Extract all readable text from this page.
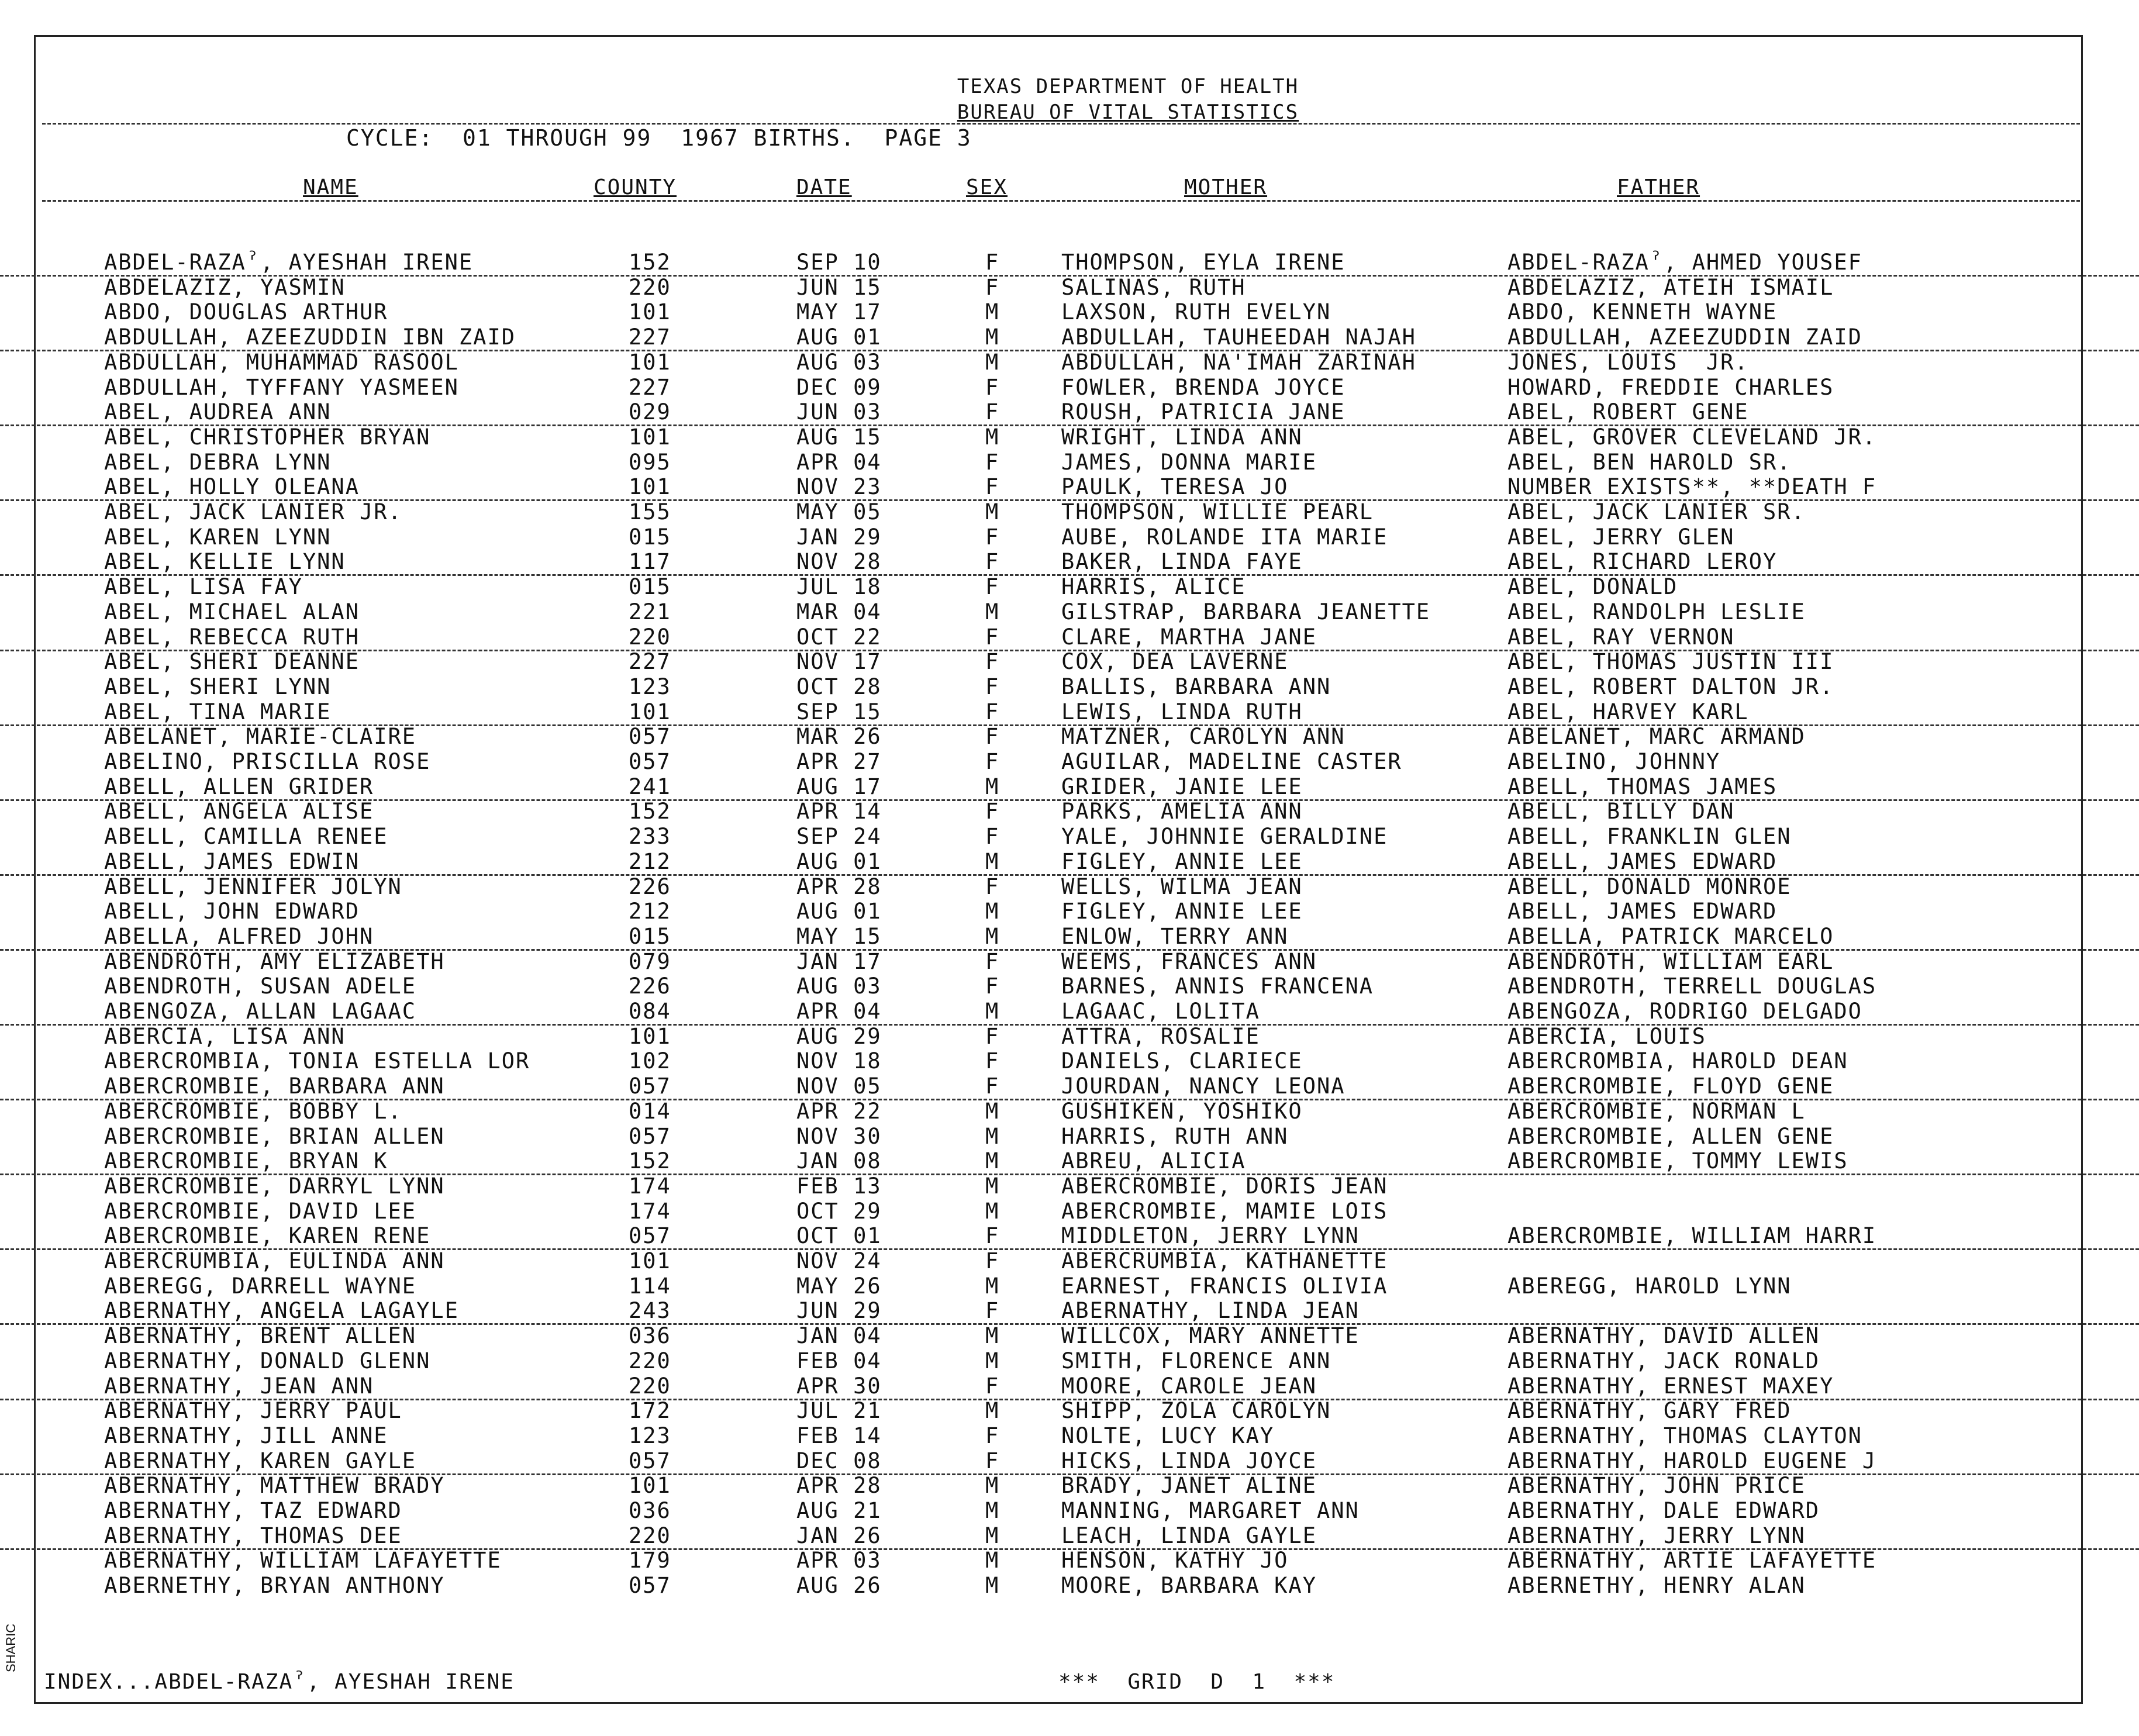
TEXAS DEPARTMENT OF HEALTH
BUREAU OF VITAL STATISTICS
CYCLE:  01 THROUGH 99  1967 BIRTHS.  PAGE 3
NAME	COUNTY	DATE	SEX	MOTHER	FATHER
ABDEL-RAZAˀ, AYESHAH IRENE	152	SEP 10	F	THOMPSON, EYLA IRENE	ABDEL-RAZAˀ, AHMED YOUSEF
ABDELAZIZ, YASMIN	220	JUN 15	F	SALINAS, RUTH	ABDELAZIZ, ATEIH ISMAIL
ABDO, DOUGLAS ARTHUR	101	MAY 17	M	LAXSON, RUTH EVELYN	ABDO, KENNETH WAYNE
ABDULLAH, AZEEZUDDIN IBN ZAID	227	AUG 01	M	ABDULLAH, TAUHEEDAH NAJAH	ABDULLAH, AZEEZUDDIN ZAID
ABDULLAH, MUHAMMAD RASOOL	101	AUG 03	M	ABDULLAH, NA'IMAH ZARINAH	JONES, LOUIS  JR.
ABDULLAH, TYFFANY YASMEEN	227	DEC 09	F	FOWLER, BRENDA JOYCE	HOWARD, FREDDIE CHARLES
ABEL, AUDREA ANN	029	JUN 03	F	ROUSH, PATRICIA JANE	ABEL, ROBERT GENE
ABEL, CHRISTOPHER BRYAN	101	AUG 15	M	WRIGHT, LINDA ANN	ABEL, GROVER CLEVELAND JR.
ABEL, DEBRA LYNN	095	APR 04	F	JAMES, DONNA MARIE	ABEL, BEN HAROLD SR.
ABEL, HOLLY OLEANA	101	NOV 23	F	PAULK, TERESA JO	NUMBER EXISTS**, **DEATH F
ABEL, JACK LANIER JR.	155	MAY 05	M	THOMPSON, WILLIE PEARL	ABEL, JACK LANIER SR.
ABEL, KAREN LYNN	015	JAN 29	F	AUBE, ROLANDE ITA MARIE	ABEL, JERRY GLEN
ABEL, KELLIE LYNN	117	NOV 28	F	BAKER, LINDA FAYE	ABEL, RICHARD LEROY
ABEL, LISA FAY	015	JUL 18	F	HARRIS, ALICE	ABEL, DONALD
ABEL, MICHAEL ALAN	221	MAR 04	M	GILSTRAP, BARBARA JEANETTE	ABEL, RANDOLPH LESLIE
ABEL, REBECCA RUTH	220	OCT 22	F	CLARE, MARTHA JANE	ABEL, RAY VERNON
ABEL, SHERI DEANNE	227	NOV 17	F	COX, DEA LAVERNE	ABEL, THOMAS JUSTIN III
ABEL, SHERI LYNN	123	OCT 28	F	BALLIS, BARBARA ANN	ABEL, ROBERT DALTON JR.
ABEL, TINA MARIE	101	SEP 15	F	LEWIS, LINDA RUTH	ABEL, HARVEY KARL
ABELANET, MARIE-CLAIRE	057	MAR 26	F	MATZNER, CAROLYN ANN	ABELANET, MARC ARMAND
ABELINO, PRISCILLA ROSE	057	APR 27	F	AGUILAR, MADELINE CASTER	ABELINO, JOHNNY
ABELL, ALLEN GRIDER	241	AUG 17	M	GRIDER, JANIE LEE	ABELL, THOMAS JAMES
ABELL, ANGELA ALISE	152	APR 14	F	PARKS, AMELIA ANN	ABELL, BILLY DAN
ABELL, CAMILLA RENEE	233	SEP 24	F	YALE, JOHNNIE GERALDINE	ABELL, FRANKLIN GLEN
ABELL, JAMES EDWIN	212	AUG 01	M	FIGLEY, ANNIE LEE	ABELL, JAMES EDWARD
ABELL, JENNIFER JOLYN	226	APR 28	F	WELLS, WILMA JEAN	ABELL, DONALD MONROE
ABELL, JOHN EDWARD	212	AUG 01	M	FIGLEY, ANNIE LEE	ABELL, JAMES EDWARD
ABELLA, ALFRED JOHN	015	MAY 15	M	ENLOW, TERRY ANN	ABELLA, PATRICK MARCELO
ABENDROTH, AMY ELIZABETH	079	JAN 17	F	WEEMS, FRANCES ANN	ABENDROTH, WILLIAM EARL
ABENDROTH, SUSAN ADELE	226	AUG 03	F	BARNES, ANNIS FRANCENA	ABENDROTH, TERRELL DOUGLAS
ABENGOZA, ALLAN LAGAAC	084	APR 04	M	LAGAAC, LOLITA	ABENGOZA, RODRIGO DELGADO
ABERCIA, LISA ANN	101	AUG 29	F	ATTRA, ROSALIE	ABERCIA, LOUIS
ABERCROMBIA, TONIA ESTELLA LOR	102	NOV 18	F	DANIELS, CLARIECE	ABERCROMBIA, HAROLD DEAN
ABERCROMBIE, BARBARA ANN	057	NOV 05	F	JOURDAN, NANCY LEONA	ABERCROMBIE, FLOYD GENE
ABERCROMBIE, BOBBY L.	014	APR 22	M	GUSHIKEN, YOSHIKO	ABERCROMBIE, NORMAN L
ABERCROMBIE, BRIAN ALLEN	057	NOV 30	M	HARRIS, RUTH ANN	ABERCROMBIE, ALLEN GENE
ABERCROMBIE, BRYAN K	152	JAN 08	M	ABREU, ALICIA	ABERCROMBIE, TOMMY LEWIS
ABERCROMBIE, DARRYL LYNN	174	FEB 13	M	ABERCROMBIE, DORIS JEAN
ABERCROMBIE, DAVID LEE	174	OCT 29	M	ABERCROMBIE, MAMIE LOIS
ABERCROMBIE, KAREN RENE	057	OCT 01	F	MIDDLETON, JERRY LYNN	ABERCROMBIE, WILLIAM HARRI
ABERCRUMBIA, EULINDA ANN	101	NOV 24	F	ABERCRUMBIA, KATHANETTE
ABEREGG, DARRELL WAYNE	114	MAY 26	M	EARNEST, FRANCIS OLIVIA	ABEREGG, HAROLD LYNN
ABERNATHY, ANGELA LAGAYLE	243	JUN 29	F	ABERNATHY, LINDA JEAN
ABERNATHY, BRENT ALLEN	036	JAN 04	M	WILLCOX, MARY ANNETTE	ABERNATHY, DAVID ALLEN
ABERNATHY, DONALD GLENN	220	FEB 04	M	SMITH, FLORENCE ANN	ABERNATHY, JACK RONALD
ABERNATHY, JEAN ANN	220	APR 30	F	MOORE, CAROLE JEAN	ABERNATHY, ERNEST MAXEY
ABERNATHY, JERRY PAUL	172	JUL 21	M	SHIPP, ZOLA CAROLYN	ABERNATHY, GARY FRED
ABERNATHY, JILL ANNE	123	FEB 14	F	NOLTE, LUCY KAY	ABERNATHY, THOMAS CLAYTON
ABERNATHY, KAREN GAYLE	057	DEC 08	F	HICKS, LINDA JOYCE	ABERNATHY, HAROLD EUGENE J
ABERNATHY, MATTHEW BRADY	101	APR 28	M	BRADY, JANET ALINE	ABERNATHY, JOHN PRICE
ABERNATHY, TAZ EDWARD	036	AUG 21	M	MANNING, MARGARET ANN	ABERNATHY, DALE EDWARD
ABERNATHY, THOMAS DEE	220	JAN 26	M	LEACH, LINDA GAYLE	ABERNATHY, JERRY LYNN
ABERNATHY, WILLIAM LAFAYETTE	179	APR 03	M	HENSON, KATHY JO	ABERNATHY, ARTIE LAFAYETTE
ABERNETHY, BRYAN ANTHONY	057	AUG 26	M	MOORE, BARBARA KAY	ABERNETHY, HENRY ALAN
INDEX...ABDEL-RAZAˀ, AYESHAH IRENE	***  GRID  D  1  ***
SHARIC
